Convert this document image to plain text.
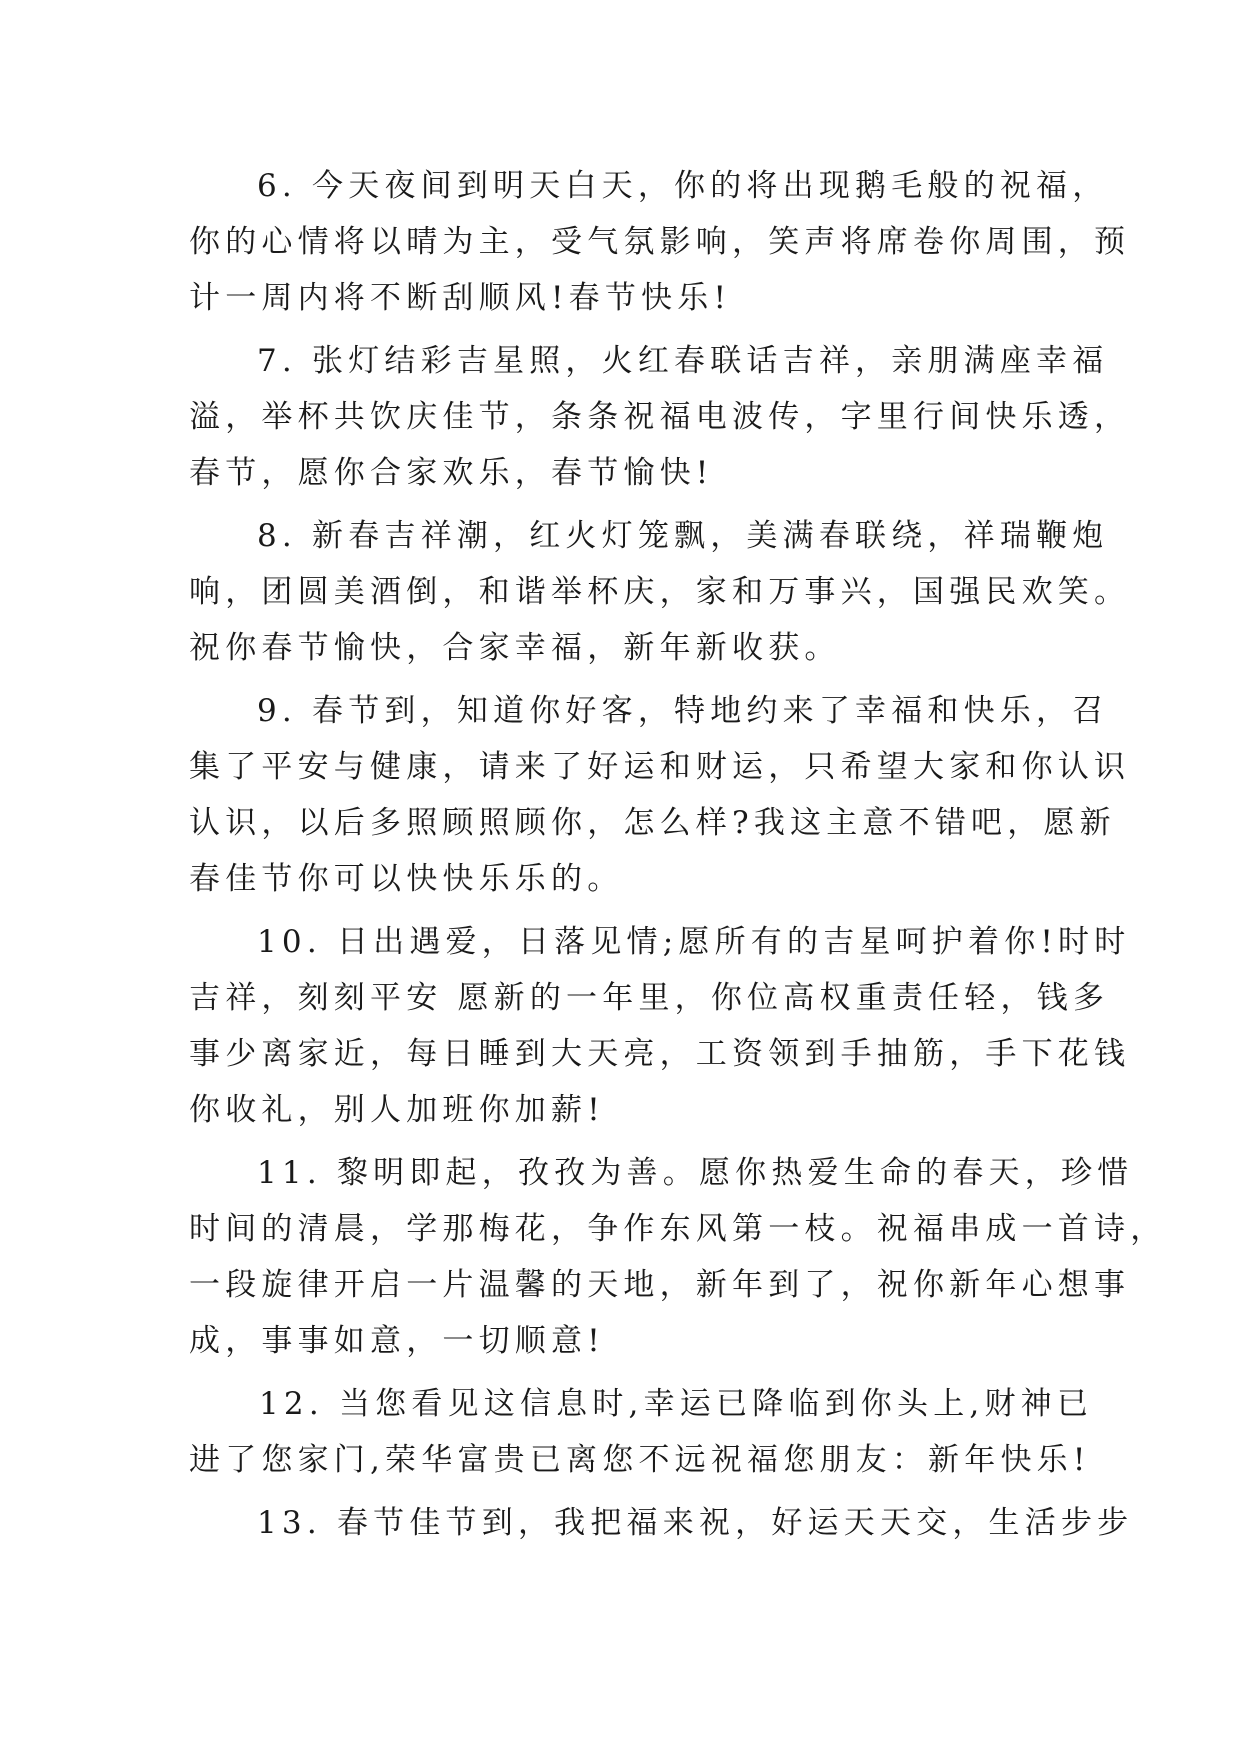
6. 今天夜间到明天白天，你的将出现鹅毛般的祝福，
你的心情将以晴为主，受气氛影响，笑声将席卷你周围，预
计一周内将不断刮顺风!春节快乐!
7. 张灯结彩吉星照，火红春联话吉祥，亲朋满座幸福
溢，举杯共饮庆佳节，条条祝福电波传，字里行间快乐透，
春节，愿你合家欢乐，春节愉快!
8. 新春吉祥潮，红火灯笼飘，美满春联绕，祥瑞鞭炮
响，团圆美酒倒，和谐举杯庆，家和万事兴，国强民欢笑。
祝你春节愉快，合家幸福，新年新收获。
9. 春节到，知道你好客，特地约来了幸福和快乐，召
集了平安与健康，请来了好运和财运，只希望大家和你认识
认识，以后多照顾照顾你，怎么样?我这主意不错吧，愿新
春佳节你可以快快乐乐的。
10. 日出遇爱，日落见情;愿所有的吉星呵护着你!时时
吉祥，刻刻平安 愿新的一年里，你位高权重责任轻，钱多
事少离家近，每日睡到大天亮，工资领到手抽筋，手下花钱
你收礼，别人加班你加薪!
11. 黎明即起，孜孜为善。愿你热爱生命的春天，珍惜
时间的清晨，学那梅花，争作东风第一枝。祝福串成一首诗，
一段旋律开启一片温馨的天地，新年到了，祝你新年心想事
成，事事如意，一切顺意!
12. 当您看见这信息时,幸运已降临到你头上,财神已
进了您家门,荣华富贵已离您不远祝福您朋友：新年快乐!
13. 春节佳节到，我把福来祝，好运天天交，生活步步
